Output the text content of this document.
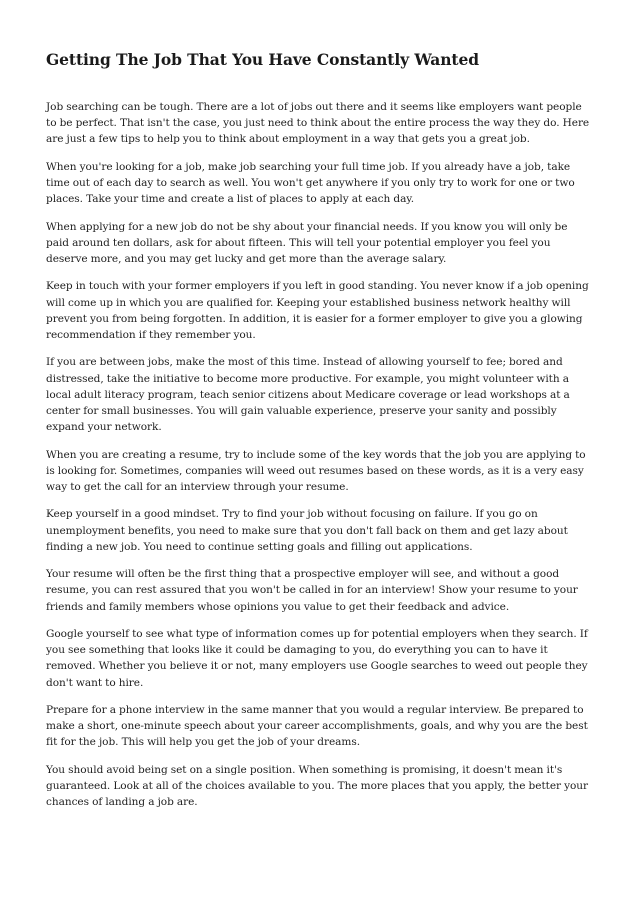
Getting The Job That You Have Constantly Wanted

Job searching can be tough. There are a lot of jobs out there and it seems like employers want people to be perfect. That isn't the case, you just need to think about the entire process the way they do. Here are just a few tips to help you to think about employment in a way that gets you a great job.

When you're looking for a job, make job searching your full time job. If you already have a job, take time out of each day to search as well. You won't get anywhere if you only try to work for one or two places. Take your time and create a list of places to apply at each day.

When applying for a new job do not be shy about your financial needs. If you know you will only be paid around ten dollars, ask for about fifteen. This will tell your potential employer you feel you deserve more, and you may get lucky and get more than the average salary.

Keep in touch with your former employers if you left in good standing. You never know if a job opening will come up in which you are qualified for. Keeping your established business network healthy will prevent you from being forgotten. In addition, it is easier for a former employer to give you a glowing recommendation if they remember you.

If you are between jobs, make the most of this time. Instead of allowing yourself to fee; bored and distressed, take the initiative to become more productive. For example, you might volunteer with a local adult literacy program, teach senior citizens about Medicare coverage or lead workshops at a center for small businesses. You will gain valuable experience, preserve your sanity and possibly expand your network.

When you are creating a resume, try to include some of the key words that the job you are applying to is looking for. Sometimes, companies will weed out resumes based on these words, as it is a very easy way to get the call for an interview through your resume.

Keep yourself in a good mindset. Try to find your job without focusing on failure. If you go on unemployment benefits, you need to make sure that you don't fall back on them and get lazy about finding a new job. You need to continue setting goals and filling out applications.

Your resume will often be the first thing that a prospective employer will see, and without a good resume, you can rest assured that you won't be called in for an interview! Show your resume to your friends and family members whose opinions you value to get their feedback and advice.

Google yourself to see what type of information comes up for potential employers when they search. If you see something that looks like it could be damaging to you, do everything you can to have it removed. Whether you believe it or not, many employers use Google searches to weed out people they don't want to hire.

Prepare for a phone interview in the same manner that you would a regular interview. Be prepared to make a short, one-minute speech about your career accomplishments, goals, and why you are the best fit for the job. This will help you get the job of your dreams.

You should avoid being set on a single position. When something is promising, it doesn't mean it's guaranteed. Look at all of the choices available to you. The more places that you apply, the better your chances of landing a job are.
